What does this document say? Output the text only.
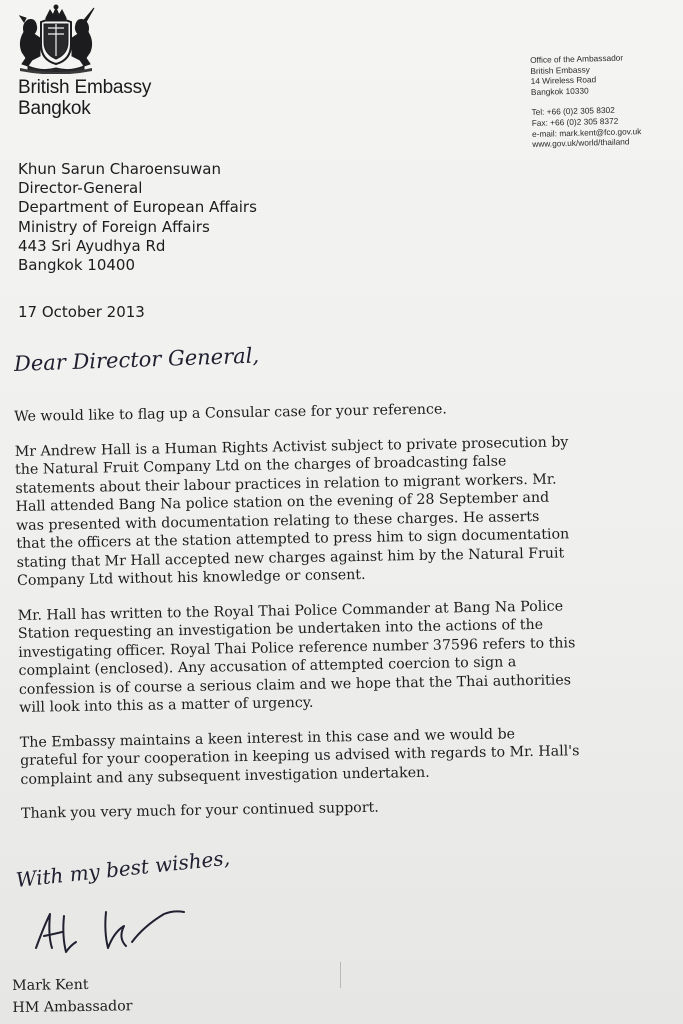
British Embassy
Bangkok
Office of the Ambassador
British Embassy
14 Wireless Road
Bangkok 10330
Tel: +66 (0)2 305 8302
Fax: +66 (0)2 305 8372
e-mail: mark.kent@fco.gov.uk
www.gov.uk/world/thailand
Khun Sarun Charoensuwan
Director-General
Department of European Affairs
Ministry of Foreign Affairs
443 Sri Ayudhya Rd
Bangkok 10400
17 October 2013
Dear Director General,
We would like to flag up a Consular case for your reference.
Mr Andrew Hall is a Human Rights Activist subject to private prosecution by
the Natural Fruit Company Ltd on the charges of broadcasting false
statements about their labour practices in relation to migrant workers. Mr.
Hall attended Bang Na police station on the evening of 28 September and
was presented with documentation relating to these charges. He asserts
that the officers at the station attempted to press him to sign documentation
stating that Mr Hall accepted new charges against him by the Natural Fruit
Company Ltd without his knowledge or consent.
Mr. Hall has written to the Royal Thai Police Commander at Bang Na Police
Station requesting an investigation be undertaken into the actions of the
investigating officer. Royal Thai Police reference number 37596 refers to this
complaint (enclosed). Any accusation of attempted coercion to sign a
confession is of course a serious claim and we hope that the Thai authorities
will look into this as a matter of urgency.
The Embassy maintains a keen interest in this case and we would be
grateful for your cooperation in keeping us advised with regards to Mr. Hall's
complaint and any subsequent investigation undertaken.
Thank you very much for your continued support.
With my best wishes,
Mark Kent
HM Ambassador
